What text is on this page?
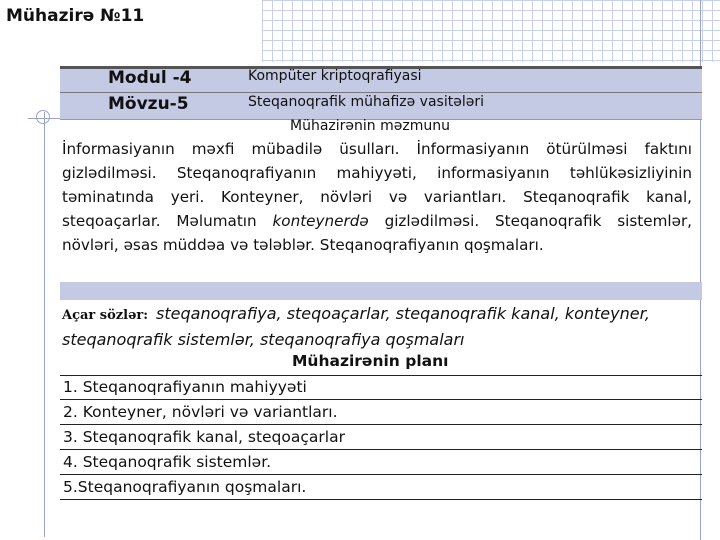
Mühazirə №11
Modul -4	Kompüter kriptoqrafiyasi
Mövzu-5	Steqanoqrafik mühafizə vasitələri
Mühazirənin məzmunu
İnformasiyanın məxfi mübadilə üsulları. İnformasiyanın ötürülməsi faktını gizlədilməsi. Steqanoqrafiyanın mahiyyəti, informasiyanın təhlükəsizliyinin təminatında yeri. Konteyner, növləri və variantları. Steqanoqrafik kanal, steqoaçarlar. Məlumatın konteynerdə gizlədilməsi. Steqanoqrafik sistemlər, növləri, əsas müddəa və tələblər. Steqanoqrafiyanın qoşmaları.
Açar sözlər: steqanoqrafiya, steqoaçarlar, steqanoqrafik kanal, konteyner, steqanoqrafik sistemlər, steqanoqrafiya qoşmaları
Mühazirənin planı
1. Steqanoqrafiyanın mahiyyəti
2. Konteyner, növləri və variantları.
3. Steqanoqrafik kanal, steqoaçarlar
4. Steqanoqrafik sistemlər.
5.Steqanoqrafiyanın qoşmaları.
